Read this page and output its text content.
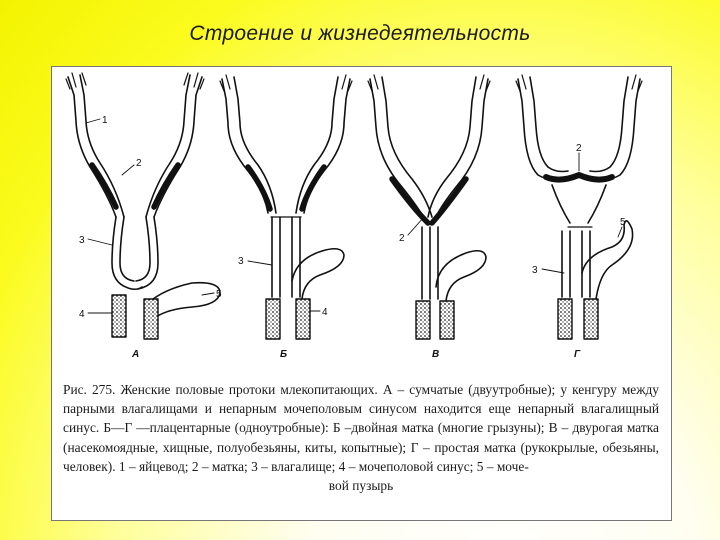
Строение и жизнедеятельность
1
2
3
4
5
А
3
4
Б
2
В
2
5
3
Г
Рис. 275. Женские половые протоки млекопитающих. А – сумчатые (двуутробные); у кенгуру между парными влагалищами и непарным мочеполовым синусом находится еще непарный влагалищный синус. Б—Г —плацентарные (одноутробные): Б –двойная матка (многие грызуны); В – двурогая матка (насекомоядные, хищные, полуобезьяны, киты, копытные); Г – простая матка (рукокрылые, обезьяны, человек). 1 – яйцевод; 2 – матка; 3 – влагалище; 4 – мочеполовой синус; 5 – моче-
вой пузырь
